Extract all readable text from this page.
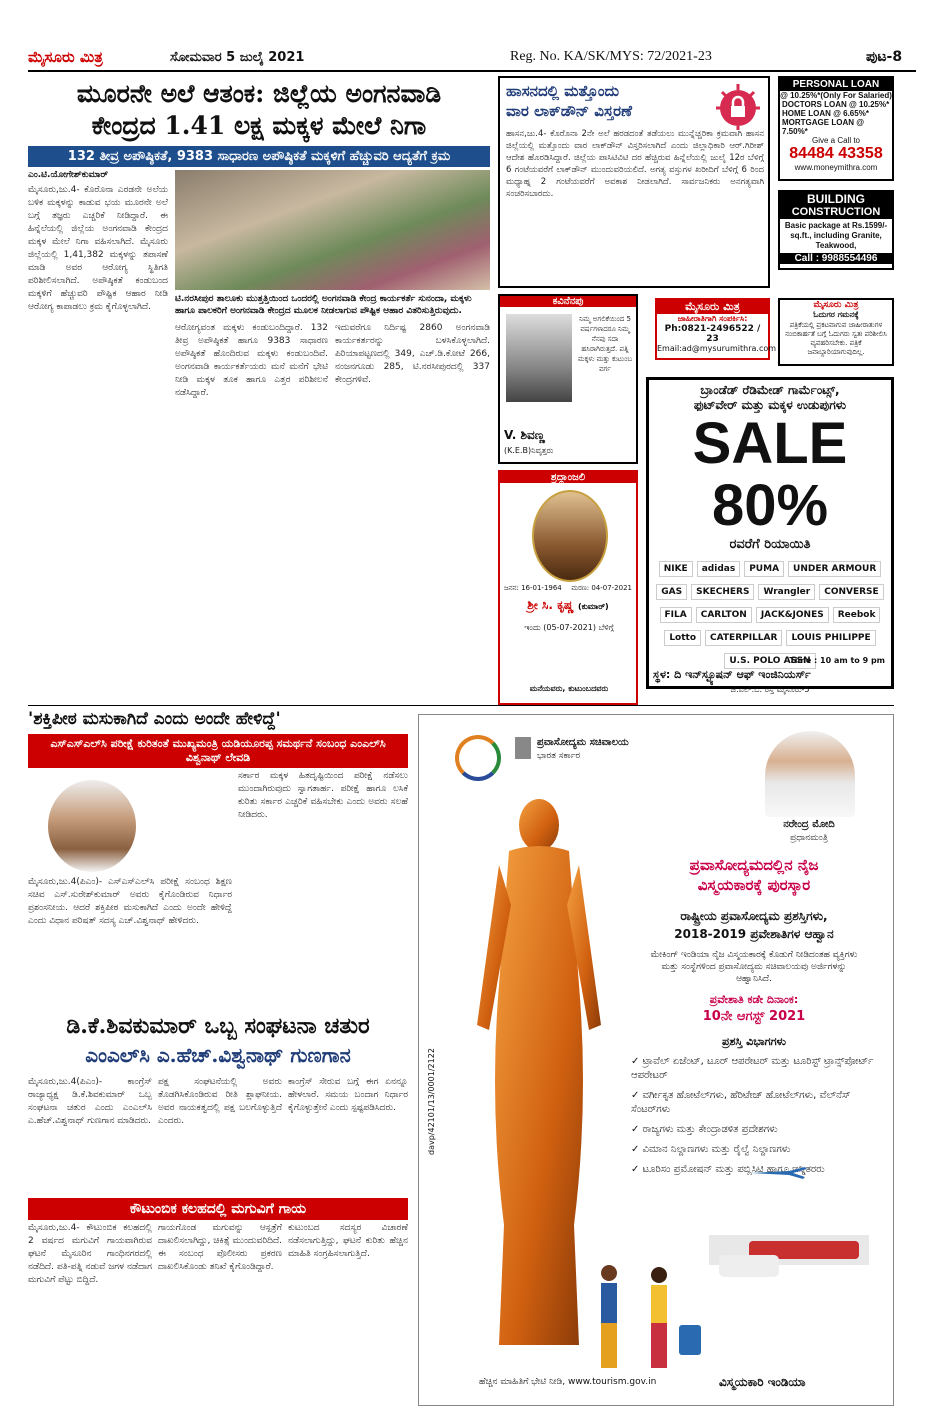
ಮೈಸೂರು ಮಿತ್ರ	ಸೋಮವಾರ 5 ಜುಲೈ 2021	Reg. No. KA/SK/MYS: 72/2021-23	ಪುಟ-8
ಮೂರನೇ ಅಲೆ ಆತಂಕ: ಜಿಲ್ಲೆಯ ಅಂಗನವಾಡಿ
ಕೇಂದ್ರದ 1.41 ಲಕ್ಷ ಮಕ್ಕಳ ಮೇಲೆ ನಿಗಾ
132 ತೀವ್ರ ಅಪೌಷ್ಠಿಕತೆ, 9383 ಸಾಧಾರಣ ಅಪೌಷ್ಠಿಕತೆ ಮಕ್ಕಳಿಗೆ ಹೆಚ್ಚುವರಿ ಆದ್ಯತೆಗೆ ಕ್ರಮ
ಎಂ.ಟಿ.ಯೋಗೇಶ್‌ಕುಮಾರ್

ಮೈಸೂರು,ಜು.4- ಕೊರೊನಾ ಎರಡನೇ ಅಲೆಯ ಬಳಿಕ ಮಕ್ಕಳನ್ನು ಕಾಡುವ ಭಯ ಮೂರನೇ ಅಲೆ ಬಗ್ಗೆ ತಜ್ಞರು ಎಚ್ಚರಿಕೆ ನೀಡಿದ್ದಾರೆ. ಈ ಹಿನ್ನೆಲೆಯಲ್ಲಿ ಜಿಲ್ಲೆಯ ಅಂಗನವಾಡಿ ಕೇಂದ್ರದ ಮಕ್ಕಳ ಮೇಲೆ ನಿಗಾ ವಹಿಸಲಾಗಿದೆ. ಮೈಸೂರು ಜಿಲ್ಲೆಯಲ್ಲಿ 1,41,382 ಮಕ್ಕಳನ್ನು ತಪಾಸಣೆ ಮಾಡಿ ಅವರ ಆರೋಗ್ಯ ಸ್ಥಿತಿಗತಿ ಪರಿಶೀಲಿಸಲಾಗಿದೆ. ಅಪೌಷ್ಠಿಕತೆ ಕಂಡುಬಂದ ಮಕ್ಕಳಿಗೆ ಹೆಚ್ಚುವರಿ ಪೌಷ್ಟಿಕ ಆಹಾರ ನೀಡಿ ಆರೋಗ್ಯ ಕಾಪಾಡಲು ಕ್ರಮ ಕೈಗೊಳ್ಳಲಾಗಿದೆ.

ಟಿ.ನರಸೀಪುರ ತಾಲೂಕು ಮುತ್ತತ್ತಿಯಿಂದ ಒಂದರಲ್ಲಿ ಅಂಗನವಾಡಿ ಕೇಂದ್ರ ಕಾರ್ಯಕರ್ತೆ ಸುನಂದಾ, ಮಕ್ಕಳು ಹಾಗೂ ಪಾಲಕರಿಗೆ ಅಂಗನವಾಡಿ ಕೇಂದ್ರದ ಮೂಲಕ ನೀಡಲಾಗುವ ಪೌಷ್ಟಿಕ ಆಹಾರ ವಿತರಿಸುತ್ತಿರುವುದು.

ಆರೋಗ್ಯವಂತ ಮಕ್ಕಳು ಕಂಡುಬಂದಿದ್ದಾರೆ. 132 ತೀವ್ರ ಅಪೌಷ್ಠಿಕತೆ ಹಾಗೂ 9383 ಸಾಧಾರಣ ಅಪೌಷ್ಠಿಕತೆ ಹೊಂದಿರುವ ಮಕ್ಕಳು ಕಂಡುಬಂದಿವೆ. ಅಂಗನವಾಡಿ ಕಾರ್ಯಕರ್ತೆಯರು ಮನೆ ಮನೆಗೆ ಭೇಟಿ ನೀಡಿ ಮಕ್ಕಳ ತೂಕ ಹಾಗೂ ಎತ್ತರ ಪರಿಶೀಲನೆ ನಡೆಸಿದ್ದಾರೆ.

ಇದುವರೆಗೂ ನಿರ್ದಿಷ್ಟ 2860 ಅಂಗನವಾಡಿ ಕಾರ್ಯಕರ್ತರನ್ನು ಬಳಸಿಕೊಳ್ಳಲಾಗಿದೆ. ಪಿರಿಯಾಪಟ್ಟಣದಲ್ಲಿ 349, ಎಚ್.ಡಿ.ಕೋಟೆ 266, ನಂಜನಗೂಡು 285, ಟಿ.ನರಸೀಪುರದಲ್ಲಿ 337 ಕೇಂದ್ರಗಳಿವೆ.

ಹಾಸನದಲ್ಲಿ ಮತ್ತೊಂದು
ವಾರ ಲಾಕ್‌ಡೌನ್ ವಿಸ್ತರಣೆ
ಹಾಸನ,ಜು.4- ಕೊರೊನಾ 2ನೇ ಅಲೆ ಹರಡದಂತೆ ತಡೆಯಲು ಮುನ್ನೆಚ್ಚರಿಕಾ ಕ್ರಮವಾಗಿ ಹಾಸನ ಜಿಲ್ಲೆಯಲ್ಲಿ ಮತ್ತೊಂದು ವಾರ ಲಾಕ್‌ಡೌನ್ ವಿಸ್ತರಿಸಲಾಗಿದೆ ಎಂದು ಜಿಲ್ಲಾಧಿಕಾರಿ ಆರ್.ಗಿರೀಶ್ ಆದೇಶ ಹೊರಡಿಸಿದ್ದಾರೆ. ಜಿಲ್ಲೆಯ ಪಾಸಿಟಿವಿಟಿ ದರ ಹೆಚ್ಚಿರುವ ಹಿನ್ನೆಲೆಯಲ್ಲಿ ಜುಲೈ 12ರ ಬೆಳಿಗ್ಗೆ 6 ಗಂಟೆಯವರೆಗೆ ಲಾಕ್‌ಡೌನ್ ಮುಂದುವರಿಯಲಿದೆ. ಅಗತ್ಯ ವಸ್ತುಗಳ ಖರೀದಿಗೆ ಬೆಳಿಗ್ಗೆ 6 ರಿಂದ ಮಧ್ಯಾಹ್ನ 2 ಗಂಟೆಯವರೆಗೆ ಅವಕಾಶ ನೀಡಲಾಗಿದೆ. ಸಾರ್ವಜನಿಕರು ಅನಗತ್ಯವಾಗಿ ಸಂಚರಿಸಬಾರದು.
PERSONAL LOAN
@ 10.25%*(Only For Salaried)
DOCTORS LOAN @ 10.25%*
HOME LOAN @ 6.65%*
MORTGAGE LOAN @ 7.50%*
Give a Call to
84484 43358
www.moneymithra.com
BUILDING
CONSTRUCTION
Basic package at Rs.1599/- sq.ft., including Granite, Teakwood,
Call : 9988554496
ಕವಿನೆನಪು
ನಿಮ್ಮ ಅಗಲಿಕೆಯಿಂದ 5 ವರ್ಷಗಳಾದರೂ ನಿಮ್ಮ ನೆನಪು ಸದಾ ಹಸಿರಾಗಿರುತ್ತದೆ. ಪತ್ನಿ ಮಕ್ಕಳು ಮತ್ತು ಕುಟುಂಬ ವರ್ಗ
V. ಶಿವಣ್ಣ
(K.E.B)ನಿವೃತ್ತರು
ಮೈಸೂರು ಮಿತ್ರ
ಜಾಹೀರಾತಿಗಾಗಿ ಸಂಪರ್ಕಿಸಿ:
Ph:0821-2496522 / 23
Email:ad@mysurumithra.com
ಮೈಸೂರು ಮಿತ್ರ
ಓದುಗರ ಗಮನಕ್ಕೆ
ಪತ್ರಿಕೆಯಲ್ಲಿ ಪ್ರಕಟವಾಗುವ ಜಾಹೀರಾತುಗಳ ನಂಬಿಕಾರ್ಹತೆ ಬಗ್ಗೆ ಓದುಗರು ಸ್ವತಃ ಪರಿಶೀಲಿಸಿ ವ್ಯವಹರಿಸಬೇಕು. ಪತ್ರಿಕೆ ಜವಾಬ್ದಾರಿಯಾಗುವುದಿಲ್ಲ.
ಬ್ರಾಂಡೆಡ್ ರೆಡಿಮೇಡ್ ಗಾರ್ಮೆಂಟ್ಸ್,
ಫುಟ್‌ವೇರ್ ಮತ್ತು ಮಕ್ಕಳ ಉಡುಪುಗಳು
SALE 80%
ರವರೆಗೆ ರಿಯಾಯಿತಿ
NIKE adidas PUMA UNDER ARMOURGAS SKECHERS Wrangler CONVERSEFILA CARLTON JACK&JONES ReebokLotto CATERPILLAR LOUIS PHILIPPEU.S. POLO ASSN
Time : 10 am to 9 pm
ಸ್ಥಳ: ದಿ ಇನ್‌ಸ್ಟ್ಯೂಷನ್ ಆಫ್ ಇಂಜಿನಿಯರ್ಸ್
ಜೆ.ಎಲ್.ಬಿ. ರಸ್ತೆ ಮೈಸೂರು-5
ಶ್ರದ್ಧಾಂಜಲಿ
ಜನನ: 16-01-1964 ಮರಣ: 04-07-2021
ಶ್ರೀ ಸಿ. ಕೃಷ್ಣ (ಕುಮಾರ್)
ಇಂದು (05-07-2021) ಬೆಳಿಗ್ಗೆ
ಮನೆಯವರು, ಕುಟುಂಬದವರು
'ಶಕ್ತಿಪೀಠ ಮಸುಕಾಗಿದೆ ಎಂದು ಅಂದೇ ಹೇಳಿದ್ದೆ'
ಎಸ್‌ಎಸ್‌ಎಲ್‌ಸಿ ಪರೀಕ್ಷೆ ಕುರಿತಂತೆ ಮುಖ್ಯಮಂತ್ರಿ ಯಡಿಯೂರಪ್ಪ ಸಮರ್ಥನೆ ಸಂಬಂಧ ಎಂಎಲ್‌ಸಿ ವಿಶ್ವನಾಥ್ ಲೇವಡಿ

ಮೈಸೂರು,ಜು.4(ಪಿಎಂ)- ಎಸ್‌ಎಸ್‌ಎಲ್‌ಸಿ ಪರೀಕ್ಷೆ ಸಂಬಂಧ ಶಿಕ್ಷಣ ಸಚಿವ ಎಸ್.ಸುರೇಶ್‌ಕುಮಾರ್ ಅವರು ಕೈಗೊಂಡಿರುವ ನಿರ್ಧಾರ ಪ್ರಶಂಸನೀಯ. ಆದರೆ ಶಕ್ತಿಪೀಠ ಮಸುಕಾಗಿದೆ ಎಂದು ಅಂದೇ ಹೇಳಿದ್ದೆ ಎಂದು ವಿಧಾನ ಪರಿಷತ್ ಸದಸ್ಯ ಎಚ್.ವಿಶ್ವನಾಥ್ ಹೇಳಿದರು.

ಸರ್ಕಾರ ಮಕ್ಕಳ ಹಿತದೃಷ್ಟಿಯಿಂದ ಪರೀಕ್ಷೆ ನಡೆಸಲು ಮುಂದಾಗಿರುವುದು ಸ್ವಾಗತಾರ್ಹ. ಪರೀಕ್ಷೆ ಹಾಗೂ ಲಸಿಕೆ ಕುರಿತು ಸರ್ಕಾರ ಎಚ್ಚರಿಕೆ ವಹಿಸಬೇಕು ಎಂದು ಅವರು ಸಲಹೆ ನೀಡಿದರು.

ಡಿ.ಕೆ.ಶಿವಕುಮಾರ್ ಒಬ್ಬ ಸಂಘಟನಾ ಚತುರ
ಎಂಎಲ್‌ಸಿ ಎ.ಹೆಚ್.ವಿಶ್ವನಾಥ್ ಗುಣಗಾನ

ಮೈಸೂರು,ಜು.4(ಪಿಎಂ)- ಕಾಂಗ್ರೆಸ್ ರಾಜ್ಯಾಧ್ಯಕ್ಷ ಡಿ.ಕೆ.ಶಿವಕುಮಾರ್ ಒಬ್ಬ ಸಂಘಟನಾ ಚತುರ ಎಂದು ಎಂಎಲ್‌ಸಿ ಎ.ಹೆಚ್.ವಿಶ್ವನಾಥ್ ಗುಣಗಾನ ಮಾಡಿದರು.

ಪಕ್ಷ ಸಂಘಟನೆಯಲ್ಲಿ ಅವರು ತೊಡಗಿಸಿಕೊಂಡಿರುವ ರೀತಿ ಶ್ಲಾಘನೀಯ. ಅವರ ನಾಯಕತ್ವದಲ್ಲಿ ಪಕ್ಷ ಬಲಗೊಳ್ಳುತ್ತಿದೆ ಎಂದರು.

ಕಾಂಗ್ರೆಸ್ ಸೇರುವ ಬಗ್ಗೆ ಈಗ ಏನನ್ನೂ ಹೇಳಲಾರೆ. ಸಮಯ ಬಂದಾಗ ನಿರ್ಧಾರ ಕೈಗೊಳ್ಳುತ್ತೇನೆ ಎಂದು ಸ್ಪಷ್ಟಪಡಿಸಿದರು.

ಕೌಟುಂಬಿಕ ಕಲಹದಲ್ಲಿ ಮಗುವಿಗೆ ಗಾಯ

ಮೈಸೂರು,ಜು.4- ಕೌಟುಂಬಿಕ ಕಲಹದಲ್ಲಿ 2 ವರ್ಷದ ಮಗುವಿಗೆ ಗಾಯವಾಗಿರುವ ಘಟನೆ ಮೈಸೂರಿನ ಗಾಂಧಿನಗರದಲ್ಲಿ ನಡೆದಿದೆ. ಪತಿ-ಪತ್ನಿ ನಡುವೆ ಜಗಳ ನಡೆದಾಗ ಮಗುವಿಗೆ ಪೆಟ್ಟು ಬಿದ್ದಿದೆ.

ಗಾಯಗೊಂಡ ಮಗುವನ್ನು ಆಸ್ಪತ್ರೆಗೆ ದಾಖಲಿಸಲಾಗಿದ್ದು, ಚಿಕಿತ್ಸೆ ಮುಂದುವರಿದಿದೆ. ಈ ಸಂಬಂಧ ಪೊಲೀಸರು ಪ್ರಕರಣ ದಾಖಲಿಸಿಕೊಂಡು ತನಿಖೆ ಕೈಗೊಂಡಿದ್ದಾರೆ.

ಕುಟುಂಬದ ಸದಸ್ಯರ ವಿಚಾರಣೆ ನಡೆಸಲಾಗುತ್ತಿದ್ದು, ಘಟನೆ ಕುರಿತು ಹೆಚ್ಚಿನ ಮಾಹಿತಿ ಸಂಗ್ರಹಿಸಲಾಗುತ್ತಿದೆ.

ಪ್ರವಾಸೋದ್ಯಮ ಸಚಿವಾಲಯ
ಭಾರತ ಸರ್ಕಾರ
ನರೇಂದ್ರ ಮೋದಿ
ಪ್ರಧಾನಮಂತ್ರಿ
davp/42101/13/0001/2122
ಪ್ರವಾಸೋದ್ಯಮದಲ್ಲಿನ ನೈಜ
ವಿಸ್ಮಯಕಾರಕ್ಕೆ ಪುರಸ್ಕಾರ
ರಾಷ್ಟ್ರೀಯ ಪ್ರವಾಸೋದ್ಯಮ ಪ್ರಶಸ್ತಿಗಳು,
2018-2019 ಪ್ರವೇಶಾತಿಗಳ ಆಹ್ವಾನ
ಮೇಕಿಂಗ್ ಇಂಡಿಯಾ ನೈಜ ವಿಸ್ಮಯಕಾರಕ್ಕೆ ಕೊಡುಗೆ ನೀಡಿದಂತಹ ವ್ಯಕ್ತಿಗಳು ಮತ್ತು ಸಂಸ್ಥೆಗಳಿಂದ ಪ್ರವಾಸೋದ್ಯಮ ಸಚಿವಾಲಯವು ಅರ್ಜಿಗಳನ್ನು ಆಹ್ವಾನಿಸಿದೆ.
ಪ್ರವೇಶಾತಿ ಕಡೇ ದಿನಾಂಕ:
10ನೇ ಆಗಸ್ಟ್ 2021
ಪ್ರಶಸ್ತಿ ವಿಭಾಗಗಳು
✓ ಟ್ರಾವೆಲ್ ಏಜೆಂಟ್, ಟೂರ್ ಆಪರೇಟರ್ ಮತ್ತು ಟೂರಿಸ್ಟ್ ಟ್ರಾನ್ಸ್‌ಪೋರ್ಟ್ ಆಪರೇಟರ್
✓ ವರ್ಗೀಕೃತ ಹೋಟೆಲ್‌ಗಳು, ಹೆರಿಟೇಜ್ ಹೋಟೆಲ್‌ಗಳು, ವೆಲ್‌ನೆಸ್ ಸೆಂಟರ್‌ಗಳು
✓ ರಾಜ್ಯಗಳು ಮತ್ತು ಕೇಂದ್ರಾಡಳಿತ ಪ್ರದೇಶಗಳು
✓ ವಿಮಾನ ನಿಲ್ದಾಣಗಳು ಮತ್ತು ರೈಲ್ವೆ ನಿಲ್ದಾಣಗಳು
✓ ಟೂರಿಸಂ ಪ್ರಮೋಷನ್ ಮತ್ತು ಪಬ್ಲಿಸಿಟಿ ಹಾಗೂ ಇನ್ನಿತರರು
ಹೆಚ್ಚಿನ ಮಾಹಿತಿಗೆ ಭೇಟಿ ನೀಡಿ, www.tourism.gov.in	ವಿಸ್ಮಯಕಾರಿ ಇಂಡಿಯಾ
